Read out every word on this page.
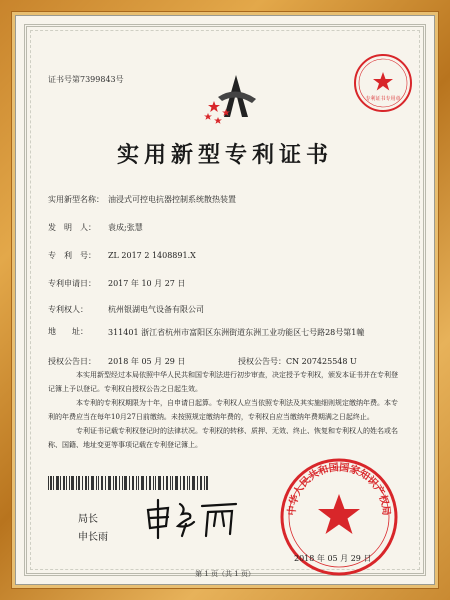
证书号第7399843号
专利证书专用章
实用新型专利证书
实用新型名称： 油浸式可控电抗器控制系统散热装置
发　明　人： 袁成;张慧
专　利　号： ZL 2017 2 1408891.X
专利申请日： 2017 年 10 月 27 日
专利权人：	杭州银湖电气设备有限公司
地　　址：	311401 浙江省杭州市富阳区东洲街道东洲工业功能区七号路28号第1幢
授权公告日： 2018 年 05 月 29 日	授权公告号：CN 207425548 U

本实用新型经过本局依照中华人民共和国专利法进行初步审查，决定授予专利权，颁发本证书并在专利登记簿上予以登记。专利权自授权公告之日起生效。

本专利的专利权期限为十年，自申请日起算。专利权人应当依照专利法及其实施细则规定缴纳年费。本专利的年费应当在每年10月27日前缴纳。未按照规定缴纳年费的，专利权自应当缴纳年费期满之日起终止。

专利证书记载专利权登记时的法律状况。专利权的转移、质押、无效、终止、恢复和专利权人的姓名或名称、国籍、地址变更等事项记载在专利登记簿上。

局长
申长雨
中华人民共和国国家知识产权局
2018 年 05 月 29 日
第 1 页（共 1 页）
